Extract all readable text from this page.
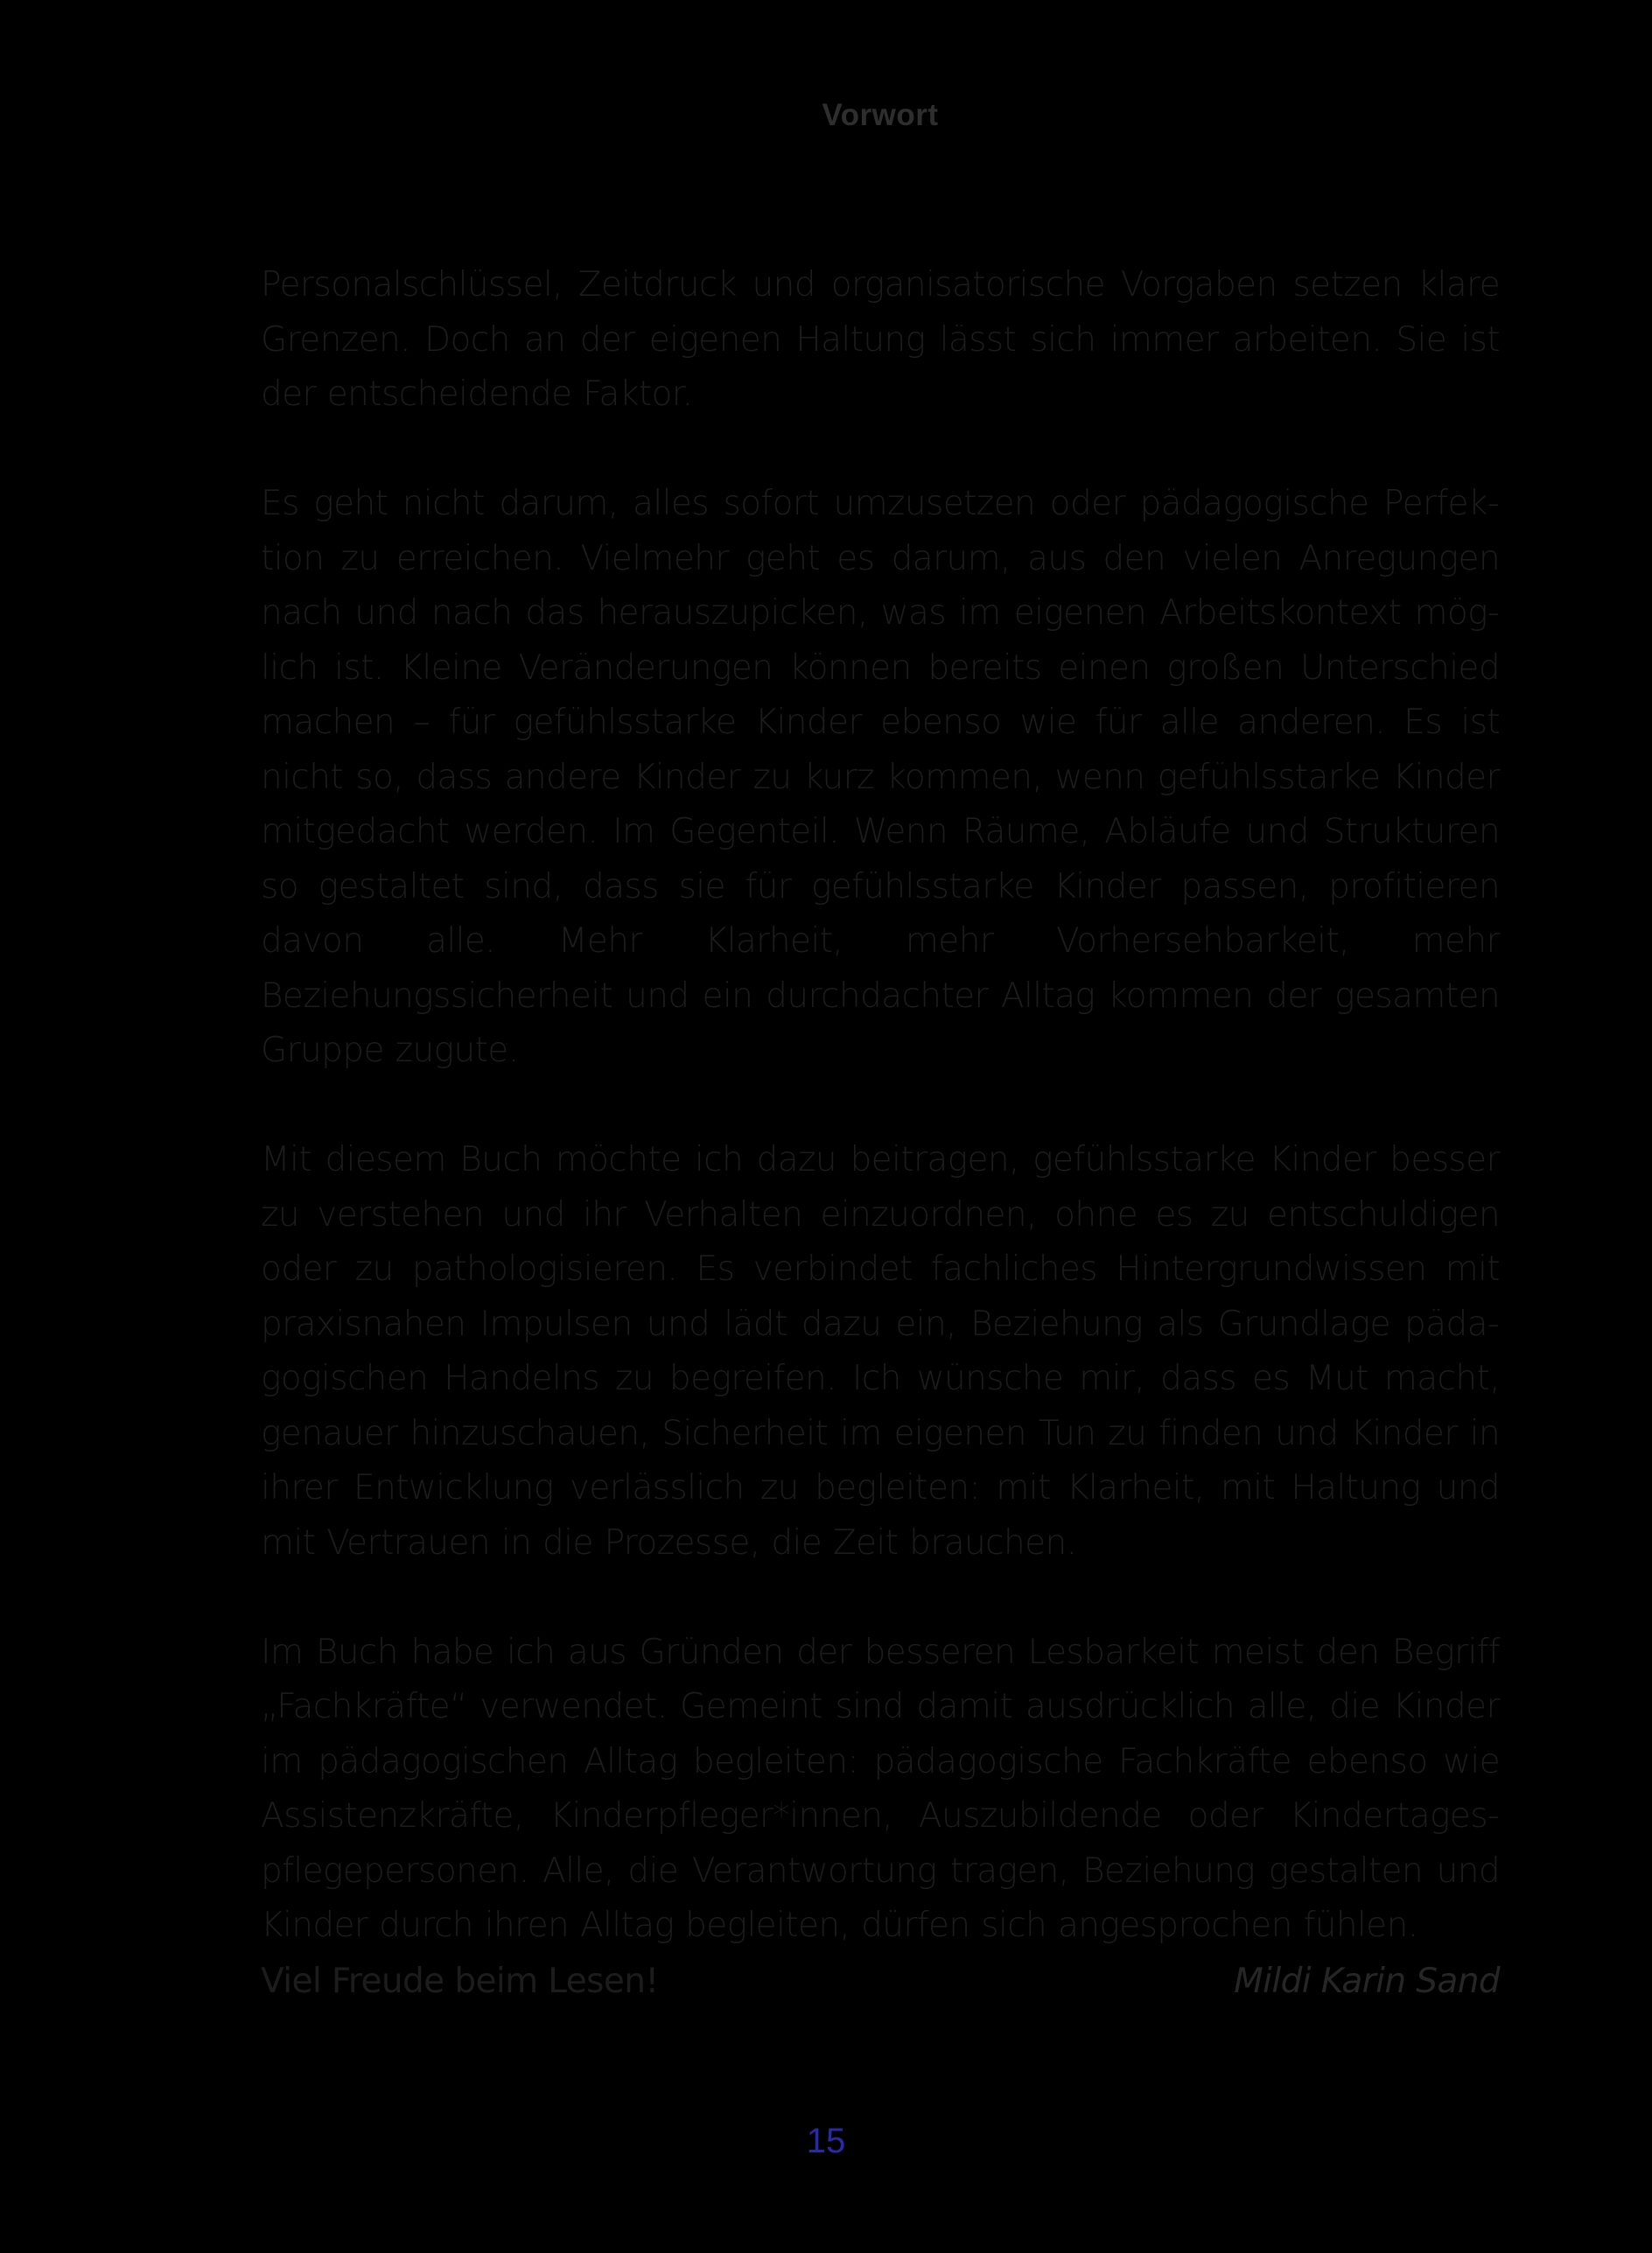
Vorwort

Personalschlüssel, Zeitdruck und organisatorische Vorgaben setzen klare Grenzen. Doch an der eigenen Haltung lässt sich immer arbeiten. Sie ist der entscheidende Faktor.

Es geht nicht darum, alles sofort umzusetzen oder pädagogische Perfektion zu erreichen. Vielmehr geht es darum, aus den vielen Anregungen nach und nach das herauszupicken, was im eigenen Arbeitskontext möglich ist. Kleine Veränderungen können bereits einen großen Unterschied machen – für gefühlsstarke Kinder ebenso wie für alle anderen. Es ist nicht so, dass andere Kinder zu kurz kommen, wenn gefühlsstarke Kinder mitgedacht werden. Im Gegenteil. Wenn Räume, Abläufe und Strukturen so gestaltet sind, dass sie für gefühlsstarke Kinder passen, profitieren davon alle. Mehr Klarheit, mehr Vorhersehbarkeit, mehr Beziehungssicherheit und ein durchdachter Alltag kommen der gesamten Gruppe zugute.

Mit diesem Buch möchte ich dazu beitragen, gefühlsstarke Kinder besser zu verstehen und ihr Verhalten einzuordnen, ohne es zu entschuldigen oder zu pathologisieren. Es verbindet fachliches Hintergrundwissen mit praxisnahen Impulsen und lädt dazu ein, Beziehung als Grundlage pädagogischen Handelns zu begreifen. Ich wünsche mir, dass es Mut macht, genauer hinzuschauen, Sicherheit im eigenen Tun zu finden und Kinder in ihrer Entwicklung verlässlich zu begleiten: mit Klarheit, mit Haltung und mit Vertrauen in die Prozesse, die Zeit brauchen.

Im Buch habe ich aus Gründen der besseren Lesbarkeit meist den Begriff „Fachkräfte“ verwendet. Gemeint sind damit ausdrücklich alle, die Kinder im pädagogischen Alltag begleiten: pädagogische Fachkräfte ebenso wie Assistenzkräfte, Kinderpfleger*innen, Auszubildende oder Kindertagespflegepersonen. Alle, die Verantwortung tragen, Beziehung gestalten und Kinder durch ihren Alltag begleiten, dürfen sich angesprochen fühlen.

Viel Freude beim Lesen!	Mildi Karin Sand
15
